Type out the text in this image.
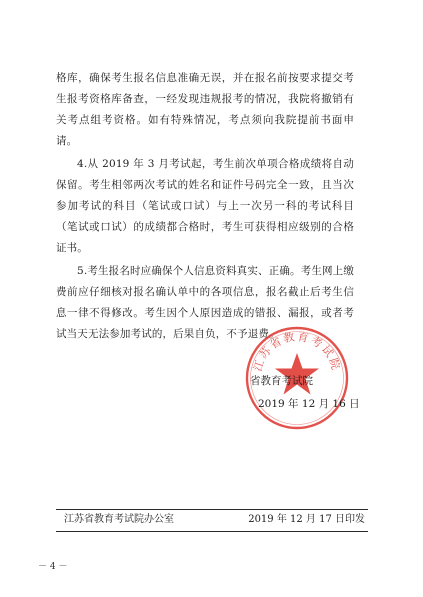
格库，确保考生报名信息准确无误，并在报名前按要求提交考生报考资格库备查，一经发现违规报考的情况，我院将撤销有关考点组考资格。如有特殊情况，考点须向我院提前书面申请。

4.从 2019 年 3 月考试起，考生前次单项合格成绩将自动保留。考生相邻两次考试的姓名和证件号码完全一致，且当次参加考试的科目（笔试或口试）与上一次另一科的考试科目（笔试或口试）的成绩都合格时，考生可获得相应级别的合格证书。

5.考生报名时应确保个人信息资料真实、正确。考生网上缴费前应仔细核对报名确认单中的各项信息，报名截止后考生信息一律不得修改。考生因个人原因造成的错报、漏报，或者考试当天无法参加考试的，后果自负，不予退费。

江苏省教育考试院
省教育考试院
2019 年 12 月 16 日
江苏省教育考试院办公室	2019 年 12 月 17 日印发
－ 4 －
